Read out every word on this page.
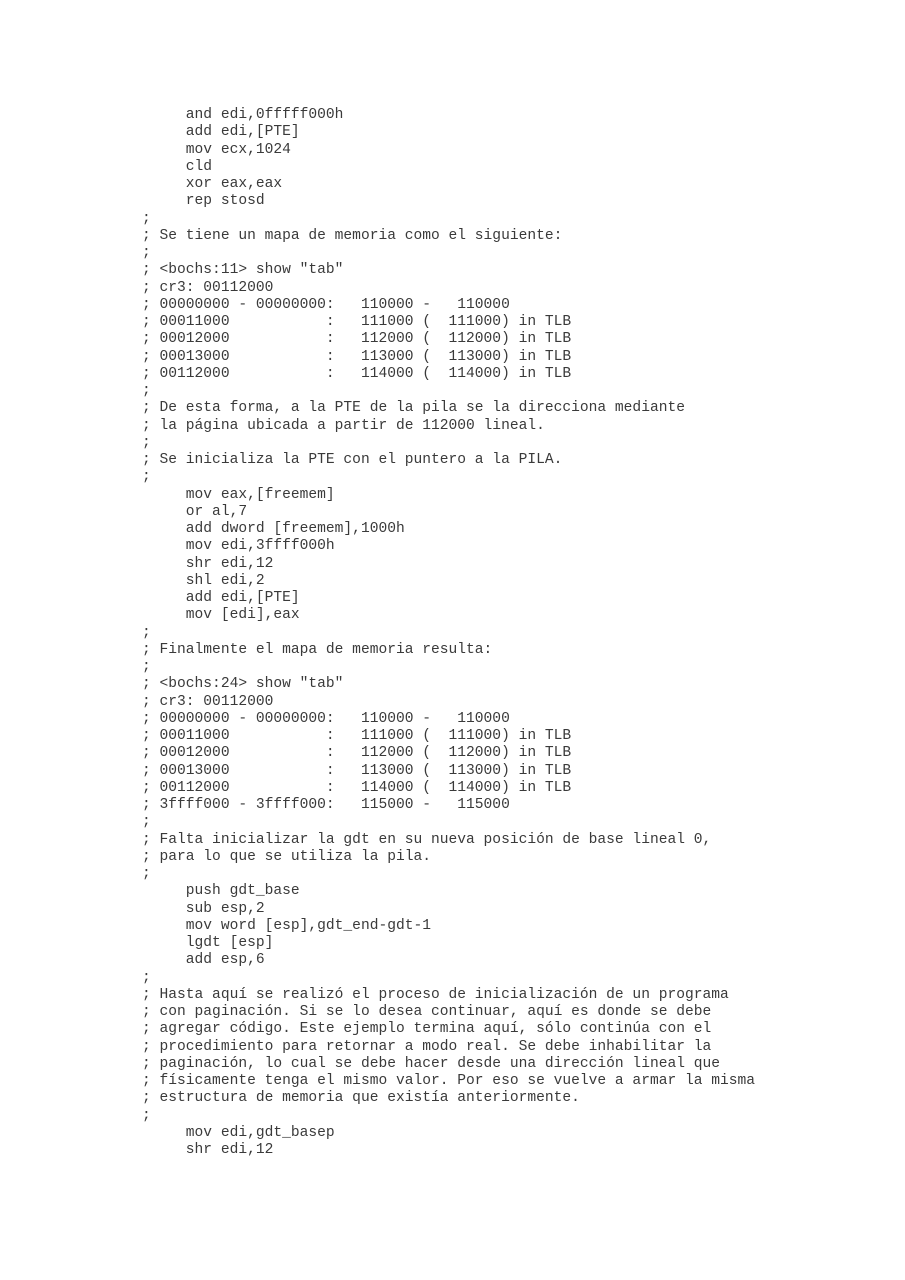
and edi,0fffff000h
add edi,[PTE]
mov ecx,1024
cld
xor eax,eax
rep stosd
;
; Se tiene un mapa de memoria como el siguiente:
;
; <bochs:11> show "tab"
; cr3: 00112000
; 00000000 - 00000000:   110000 -   110000
; 00011000           :   111000 (  111000) in TLB
; 00012000           :   112000 (  112000) in TLB
; 00013000           :   113000 (  113000) in TLB
; 00112000           :   114000 (  114000) in TLB
;
; De esta forma, a la PTE de la pila se la direcciona mediante
; la página ubicada a partir de 112000 lineal.
;
; Se inicializa la PTE con el puntero a la PILA.
;
mov eax,[freemem]
or al,7
add dword [freemem],1000h
mov edi,3ffff000h
shr edi,12
shl edi,2
add edi,[PTE]
mov [edi],eax
;
; Finalmente el mapa de memoria resulta:
;
; <bochs:24> show "tab"
; cr3: 00112000
; 00000000 - 00000000:   110000 -   110000
; 00011000           :   111000 (  111000) in TLB
; 00012000           :   112000 (  112000) in TLB
; 00013000           :   113000 (  113000) in TLB
; 00112000           :   114000 (  114000) in TLB
; 3ffff000 - 3ffff000:   115000 -   115000
;
; Falta inicializar la gdt en su nueva posición de base lineal 0,
; para lo que se utiliza la pila.
;
push gdt_base
sub esp,2
mov word [esp],gdt_end-gdt-1
lgdt [esp]
add esp,6
;
; Hasta aquí se realizó el proceso de inicialización de un programa
; con paginación. Si se lo desea continuar, aquí es donde se debe
; agregar código. Este ejemplo termina aquí, sólo continúa con el
; procedimiento para retornar a modo real. Se debe inhabilitar la
; paginación, lo cual se debe hacer desde una dirección lineal que
; físicamente tenga el mismo valor. Por eso se vuelve a armar la misma
; estructura de memoria que existía anteriormente.
;
mov edi,gdt_basep
shr edi,12
